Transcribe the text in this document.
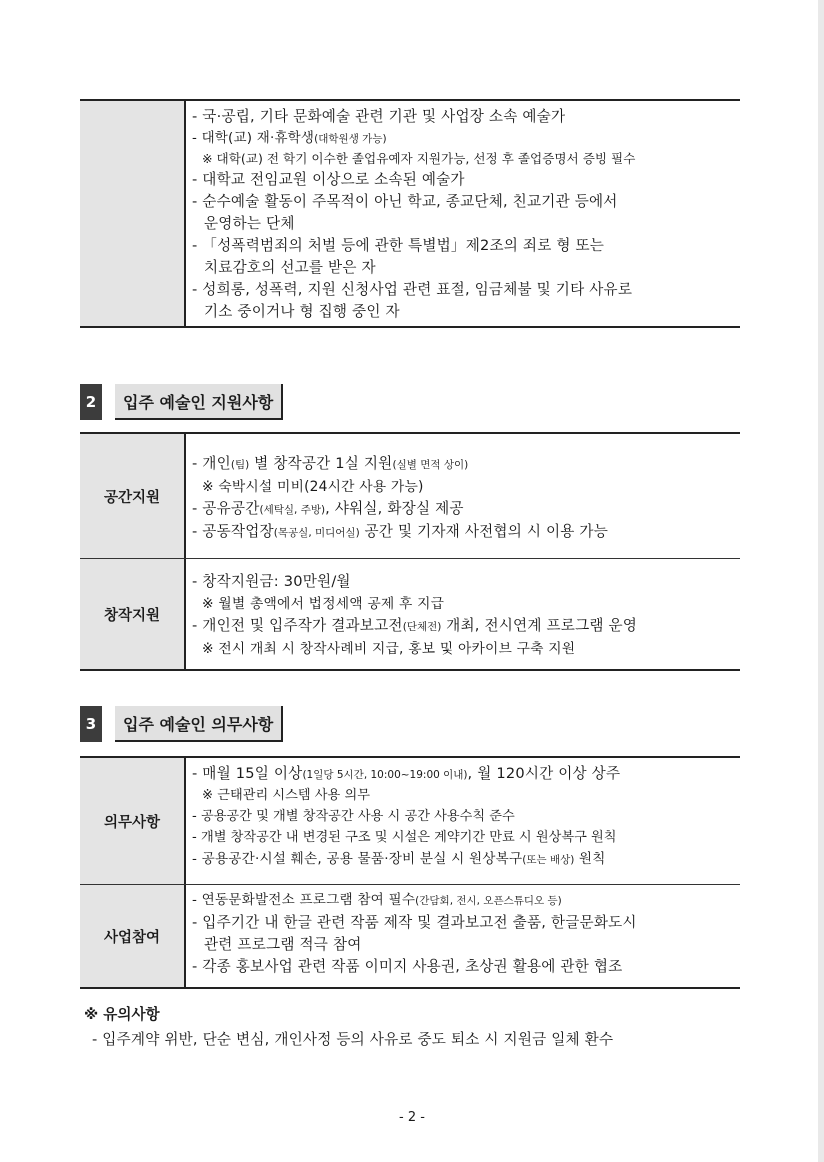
- 국·공립, 기타 문화예술 관련 기관 및 사업장 소속 예술가
- 대학(교) 재·휴학생(대학원생 가능)
※ 대학(교) 전 학기 이수한 졸업유예자 지원가능, 선정 후 졸업증명서 증빙 필수
- 대학교 전임교원 이상으로 소속된 예술가
- 순수예술 활동이 주목적이 아닌 학교, 종교단체, 친교기관 등에서
운영하는 단체
- 「성폭력범죄의 처벌 등에 관한 특별법」제2조의 죄로 형 또는
치료감호의 선고를 받은 자
- 성희롱, 성폭력, 지원 신청사업 관련 표절, 임금체불 및 기타 사유로
기소 중이거나 형 집행 중인 자
2	입주 예술인 지원사항
공간지원
- 개인(팀) 별 창작공간 1실 지원(실별 면적 상이)
※ 숙박시설 미비(24시간 사용 가능)
- 공유공간(세탁실, 주방), 샤워실, 화장실 제공
- 공동작업장(목공실, 미디어실) 공간 및 기자재 사전협의 시 이용 가능
창작지원
- 창작지원금: 30만원/월
※ 월별 총액에서 법정세액 공제 후 지급
- 개인전 및 입주작가 결과보고전(단체전) 개최, 전시연계 프로그램 운영
※ 전시 개최 시 창작사례비 지급, 홍보 및 아카이브 구축 지원
3	입주 예술인 의무사항
의무사항
- 매월 15일 이상(1일당 5시간, 10:00~19:00 이내), 월 120시간 이상 상주
※ 근태관리 시스템 사용 의무
- 공용공간 및 개별 창작공간 사용 시 공간 사용수칙 준수
- 개별 창작공간 내 변경된 구조 및 시설은 계약기간 만료 시 원상복구 원칙
- 공용공간·시설 훼손, 공용 물품·장비 분실 시 원상복구(또는 배상) 원칙
사업참여
- 연동문화발전소 프로그램 참여 필수(간담회, 전시, 오픈스튜디오 등)
- 입주기간 내 한글 관련 작품 제작 및 결과보고전 출품, 한글문화도시
관련 프로그램 적극 참여
- 각종 홍보사업 관련 작품 이미지 사용권, 초상권 활용에 관한 협조
※ 유의사항
- 입주계약 위반, 단순 변심, 개인사정 등의 사유로 중도 퇴소 시 지원금 일체 환수
- 2 -
